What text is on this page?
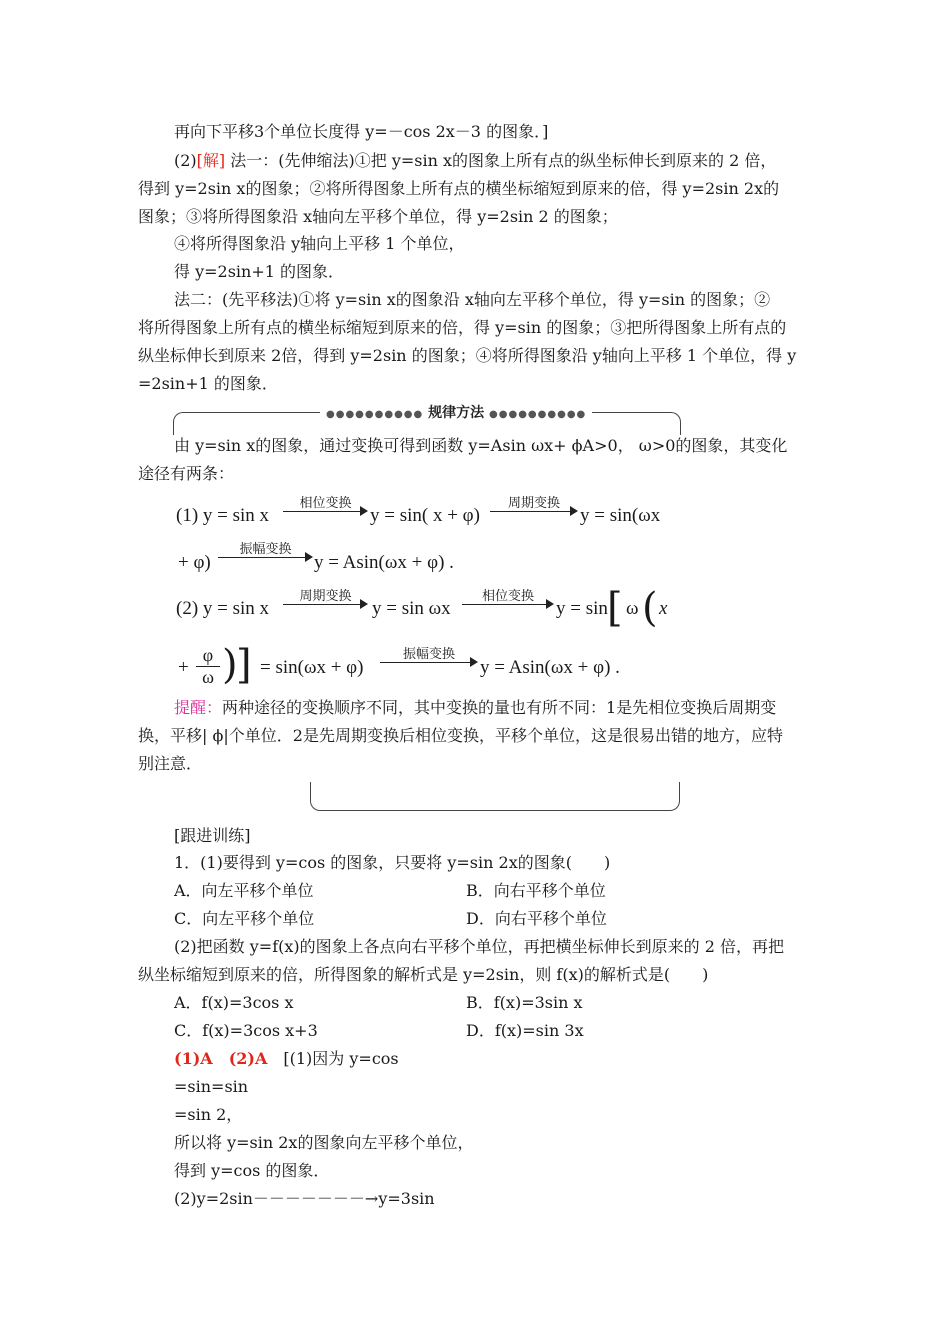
再向下平移3个单位长度得 y=－cos 2x－3 的图象．]
(2)[解] 法一：(先伸缩法)①把 y=sin x的图象上所有点的纵坐标伸长到原来的 2 倍，
得到 y=2sin x的图象；②将所得图象上所有点的横坐标缩短到原来的倍，得 y=2sin 2x的
图象；③将所得图象沿 x轴向左平移个单位，得 y=2sin 2 的图象；
④将所得图象沿 y轴向上平移 1 个单位，
得 y=2sin+1 的图象．
法二：(先平移法)①将 y=sin x的图象沿 x轴向左平移个单位，得 y=sin 的图象；②
将所得图象上所有点的横坐标缩短到原来的倍，得 y=sin 的图象；③把所得图象上所有点的
纵坐标伸长到原来 2倍，得到 y=2sin 的图象；④将所得图象沿 y轴向上平移 1 个单位，得 y
=2sin+1 的图象．
●●●●●●●●●● 规律方法 ●●●●●●●●●●
由 y=sin x的图象，通过变换可得到函数 y=Asin ωx+ ϕA>0， ω>0的图象，其变化
途径有两条：
(1) y = sin x
相位变换
y = sin( x + φ)
周期变换
y = sin(ωx
+ φ)
振幅变换
y = Asin(ωx + φ) .
(2) y = sin x
周期变换
y = sin ωx
相位变换
y = sin [ ω ( x
+ $\frac{\varphi}{\omega}$ )
] = sin(ωx + φ)
振幅变换
y = Asin(ωx + φ) .
提醒：两种途径的变换顺序不同，其中变换的量也有所不同：1是先相位变换后周期变
换，平移| ϕ|个单位．2是先周期变换后相位变换，平移个单位，这是很易出错的地方，应特
别注意．
[跟进训练]
1．(1)要得到 y=cos 的图象，只要将 y=sin 2x的图象(　　)
A．向左平移个单位	B．向右平移个单位
C．向左平移个单位	D．向右平移个单位
(2)把函数 y=f(x)的图象上各点向右平移个单位，再把横坐标伸长到原来的 2 倍，再把
纵坐标缩短到原来的倍，所得图象的解析式是 y=2sin，则 f(x)的解析式是(　　)
A．f(x)=3cos x	B．f(x)=3sin x
C．f(x)=3cos x+3	D．f(x)=sin 3x
(1)A　(2)A　[(1)因为 y=cos
=sin=sin
=sin 2，
所以将 y=sin 2x的图象向左平移个单位，
得到 y=cos 的图象．
(2)y=2sin－－－－－－－→y=3sin
